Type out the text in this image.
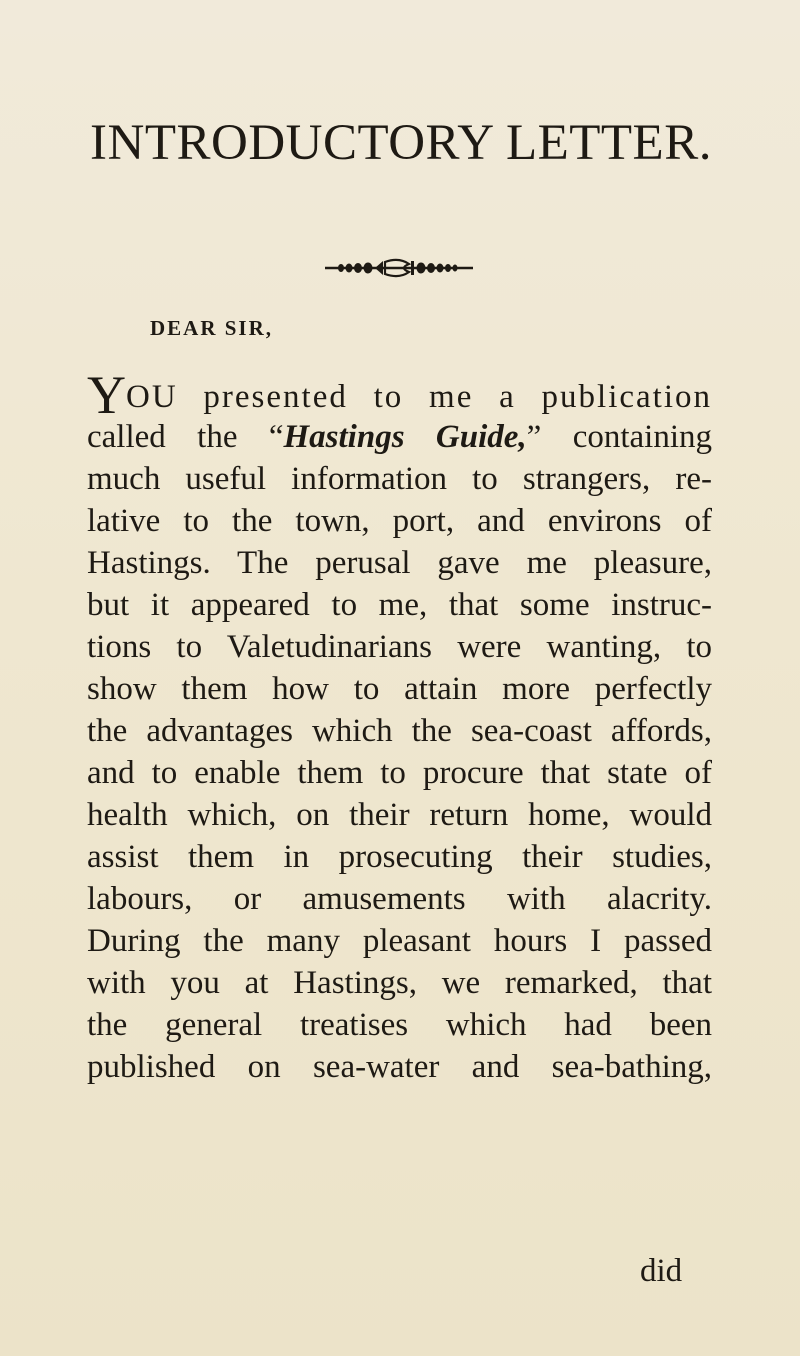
INTRODUCTORY LETTER.
DEAR SIR,
YOU presented to me a publication
called the “Hastings Guide,” containing
much useful information to strangers, re-
lative to the town, port, and environs of
Hastings. The perusal gave me pleasure,
but it appeared to me, that some instruc-
tions to Valetudinarians were wanting, to
show them how to attain more perfectly
the advantages which the sea-coast affords,
and to enable them to procure that state of
health which, on their return home, would
assist them in prosecuting their studies,
labours, or amusements with alacrity.
During the many pleasant hours I passed
with you at Hastings, we remarked, that
the general treatises which had been
published on sea-water and sea-bathing,
did
